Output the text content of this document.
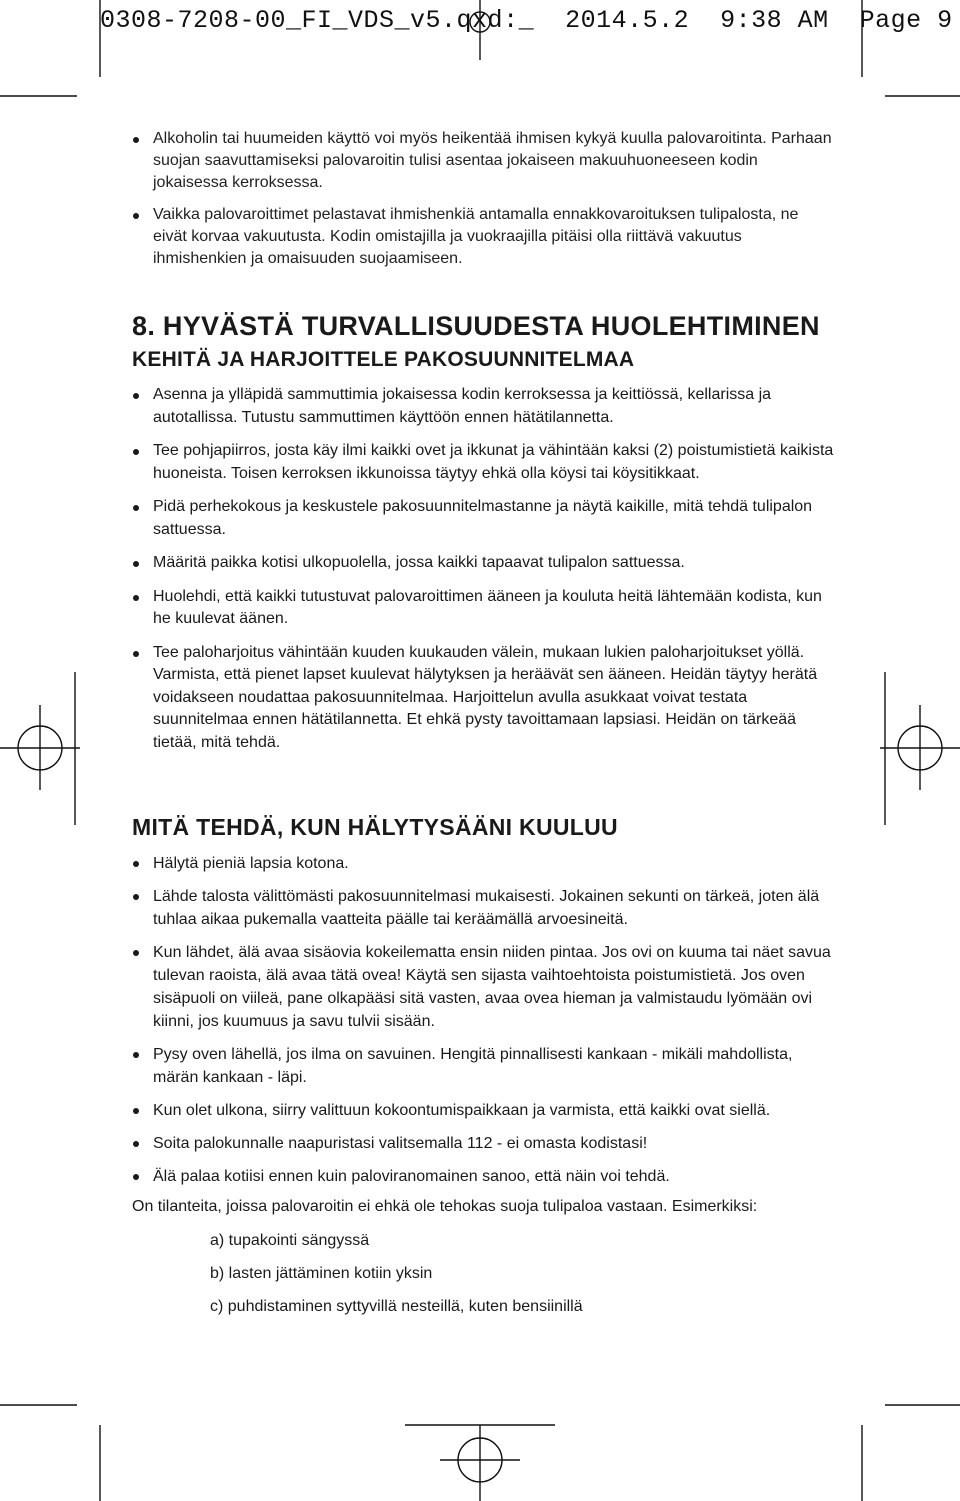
0308-7208-00_FI_VDS_v5.qxd:_  2014.5.2  9:38 AM  Page 9
Alkoholin tai huumeiden käyttö voi myös heikentää ihmisen kykyä kuulla palovaroitinta. Parhaan suojan saavuttamiseksi palovaroitin tulisi asentaa jokaiseen makuuhuoneeseen kodin jokaisessa kerroksessa.
Vaikka palovaroittimet pelastavat ihmishenkiä antamalla ennakkovaroituksen tulipalosta, ne eivät korvaa vakuutusta. Kodin omistajilla ja vuokraajilla pitäisi olla riittävä vakuutus ihmishenkien ja omaisuuden suojaamiseen.
8. HYVÄSTÄ TURVALLISUUDESTA HUOLEHTIMINEN
KEHITÄ JA HARJOITTELE PAKOSUUNNITELMAA
Asenna ja ylläpidä sammuttimia jokaisessa kodin kerroksessa ja keittiössä, kellarissa ja autotallissa. Tutustu sammuttimen käyttöön ennen hätätilannetta.
Tee pohjapiirros, josta käy ilmi kaikki ovet ja ikkunat ja vähintään kaksi (2) poistumistietä kaikista huoneista. Toisen kerroksen ikkunoissa täytyy ehkä olla köysi tai köysitikkaat.
Pidä perhekokous ja keskustele pakosuunnitelmastanne ja näytä kaikille, mitä tehdä tulipalon sattuessa.
Määritä paikka kotisi ulkopuolella, jossa kaikki tapaavat tulipalon sattuessa.
Huolehdi, että kaikki tutustuvat palovaroittimen ääneen ja kouluta heitä lähtemään kodista, kun he kuulevat äänen.
Tee paloharjoitus vähintään kuuden kuukauden välein, mukaan lukien paloharjoitukset yöllä. Varmista, että pienet lapset kuulevat hälytyksen ja heräävät sen ääneen. Heidän täytyy herätä voidakseen noudattaa pakosuunnitelmaa. Harjoittelun avulla asukkaat voivat testata suunnitelmaa ennen hätätilannetta. Et ehkä pysty tavoittamaan lapsiasi. Heidän on tärkeää tietää, mitä tehdä.
MITÄ TEHDÄ, KUN HÄLYTYSÄÄNI KUULUU
Hälytä pieniä lapsia kotona.
Lähde talosta välittömästi pakosuunnitelmasi mukaisesti. Jokainen sekunti on tärkeä, joten älä tuhlaa aikaa pukemalla vaatteita päälle tai keräämällä arvoesineitä.
Kun lähdet, älä avaa sisäovia kokeilematta ensin niiden pintaa. Jos ovi on kuuma tai näet savua tulevan raoista, älä avaa tätä ovea! Käytä sen sijasta vaihtoehtoista poistumistietä. Jos oven sisäpuoli on viileä, pane olkapääsi sitä vasten, avaa ovea hieman ja valmistaudu lyömään ovi kiinni, jos kuumuus ja savu tulvii sisään.
Pysy oven lähellä, jos ilma on savuinen. Hengitä pinnallisesti kankaan - mikäli mahdollista, märän kankaan - läpi.
Kun olet ulkona, siirry valittuun kokoontumispaikkaan ja varmista, että kaikki ovat siellä.
Soita palokunnalle naapuristasi valitsemalla 112 - ei omasta kodistasi!
Älä palaa kotiisi ennen kuin paloviranomainen sanoo, että näin voi tehdä.

On tilanteita, joissa palovaroitin ei ehkä ole tehokas suoja tulipaloa vastaan. Esimerkiksi:

a) tupakointi sängyssä
b) lasten jättäminen kotiin yksin
c) puhdistaminen syttyvillä nesteillä, kuten bensiinillä
